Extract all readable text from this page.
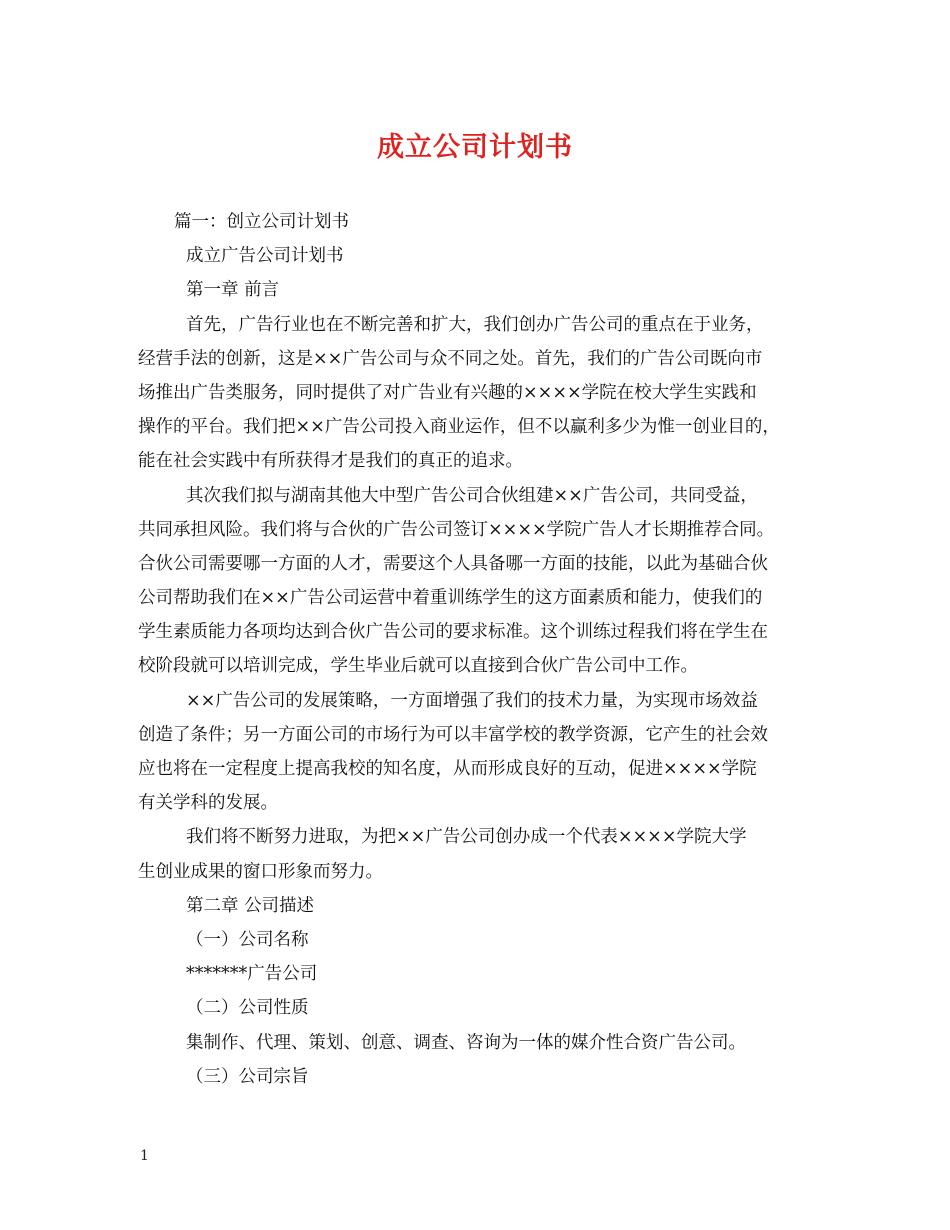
成立公司计划书
篇一：创立公司计划书
成立广告公司计划书
第一章 前言
首先，广告行业也在不断完善和扩大，我们创办广告公司的重点在于业务，
经营手法的创新，这是××广告公司与众不同之处。首先，我们的广告公司既向市
场推出广告类服务，同时提供了对广告业有兴趣的××××学院在校大学生实践和
操作的平台。我们把××广告公司投入商业运作，但不以赢利多少为惟一创业目的，
能在社会实践中有所获得才是我们的真正的追求。
其次我们拟与湖南其他大中型广告公司合伙组建××广告公司，共同受益，
共同承担风险。我们将与合伙的广告公司签订××××学院广告人才长期推荐合同。
合伙公司需要哪一方面的人才，需要这个人具备哪一方面的技能，以此为基础合伙
公司帮助我们在××广告公司运营中着重训练学生的这方面素质和能力，使我们的
学生素质能力各项均达到合伙广告公司的要求标准。这个训练过程我们将在学生在
校阶段就可以培训完成，学生毕业后就可以直接到合伙广告公司中工作。
××广告公司的发展策略，一方面增强了我们的技术力量，为实现市场效益
创造了条件；另一方面公司的市场行为可以丰富学校的教学资源，它产生的社会效
应也将在一定程度上提高我校的知名度，从而形成良好的互动，促进××××学院
有关学科的发展。
我们将不断努力进取，为把××广告公司创办成一个代表××××学院大学
生创业成果的窗口形象而努力。
第二章 公司描述
（一）公司名称
*******广告公司
（二）公司性质
集制作、代理、策划、创意、调查、咨询为一体的媒介性合资广告公司。
（三）公司宗旨
1
